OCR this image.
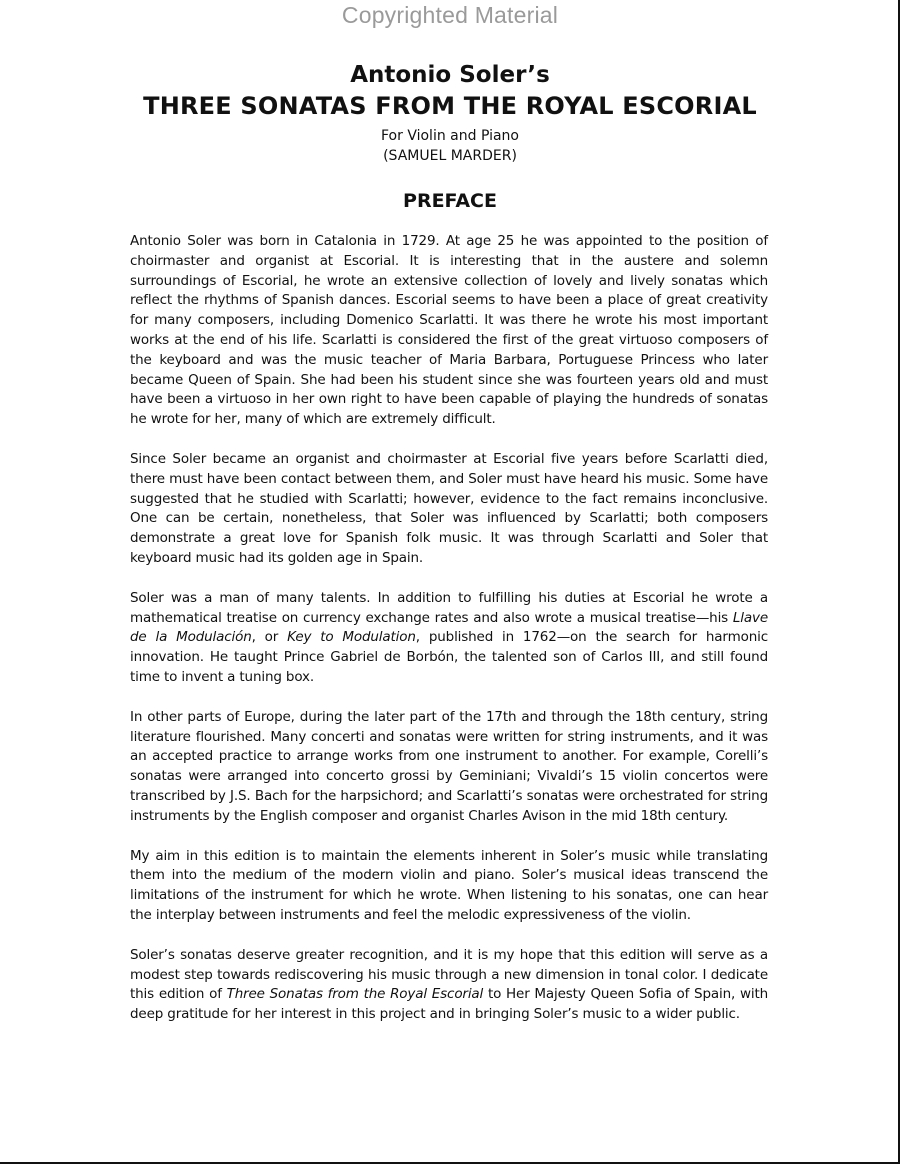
Copyrighted Material
Antonio Soler’s
THREE SONATAS FROM THE ROYAL ESCORIAL
For Violin and Piano
(SAMUEL MARDER)
PREFACE

Antonio Soler was born in Catalonia in 1729. At age 25 he was appointed to the position of choirmaster and organist at Escorial. It is interesting that in the austere and solemn surroundings of Escorial, he wrote an extensive collection of lovely and lively sonatas which reflect the rhythms of Spanish dances. Escorial seems to have been a place of great creativity for many composers, including Domenico Scarlatti. It was there he wrote his most important works at the end of his life. Scarlatti is considered the first of the great virtuoso composers of the keyboard and was the music teacher of Maria Barbara, Portuguese Princess who later became Queen of Spain. She had been his student since she was fourteen years old and must have been a virtuoso in her own right to have been capable of playing the hundreds of sonatas he wrote for her, many of which are extremely difficult.

Since Soler became an organist and choirmaster at Escorial five years before Scarlatti died, there must have been contact between them, and Soler must have heard his music. Some have suggested that he studied with Scarlatti; however, evidence to the fact remains inconclusive. One can be certain, nonetheless, that Soler was influenced by Scarlatti; both composers demonstrate a great love for Spanish folk music. It was through Scarlatti and Soler that keyboard music had its golden age in Spain.

Soler was a man of many talents. In addition to fulfilling his duties at Escorial he wrote a mathematical treatise on currency exchange rates and also wrote a musical treatise—his Llave de la Modulación, or Key to Modulation, published in 1762—on the search for harmonic innovation. He taught Prince Gabriel de Borbón, the talented son of Carlos III, and still found time to invent a tuning box.

In other parts of Europe, during the later part of the 17th and through the 18th century, string literature flourished. Many concerti and sonatas were written for string instruments, and it was an accepted practice to arrange works from one instrument to another. For example, Corelli’s sonatas were arranged into concerto grossi by Geminiani; Vivaldi’s 15 violin concertos were transcribed by J.S. Bach for the harpsichord; and Scarlatti’s sonatas were orchestrated for string instruments by the English composer and organist Charles Avison in the mid 18th century.

My aim in this edition is to maintain the elements inherent in Soler’s music while translating them into the medium of the modern violin and piano. Soler’s musical ideas transcend the limitations of the instrument for which he wrote. When listening to his sonatas, one can hear the interplay between instruments and feel the melodic expressiveness of the violin.

Soler’s sonatas deserve greater recognition, and it is my hope that this edition will serve as a modest step towards rediscovering his music through a new dimension in tonal color. I dedicate this edition of Three Sonatas from the Royal Escorial to Her Majesty Queen Sofia of Spain, with deep gratitude for her interest in this project and in bringing Soler’s music to a wider public.
